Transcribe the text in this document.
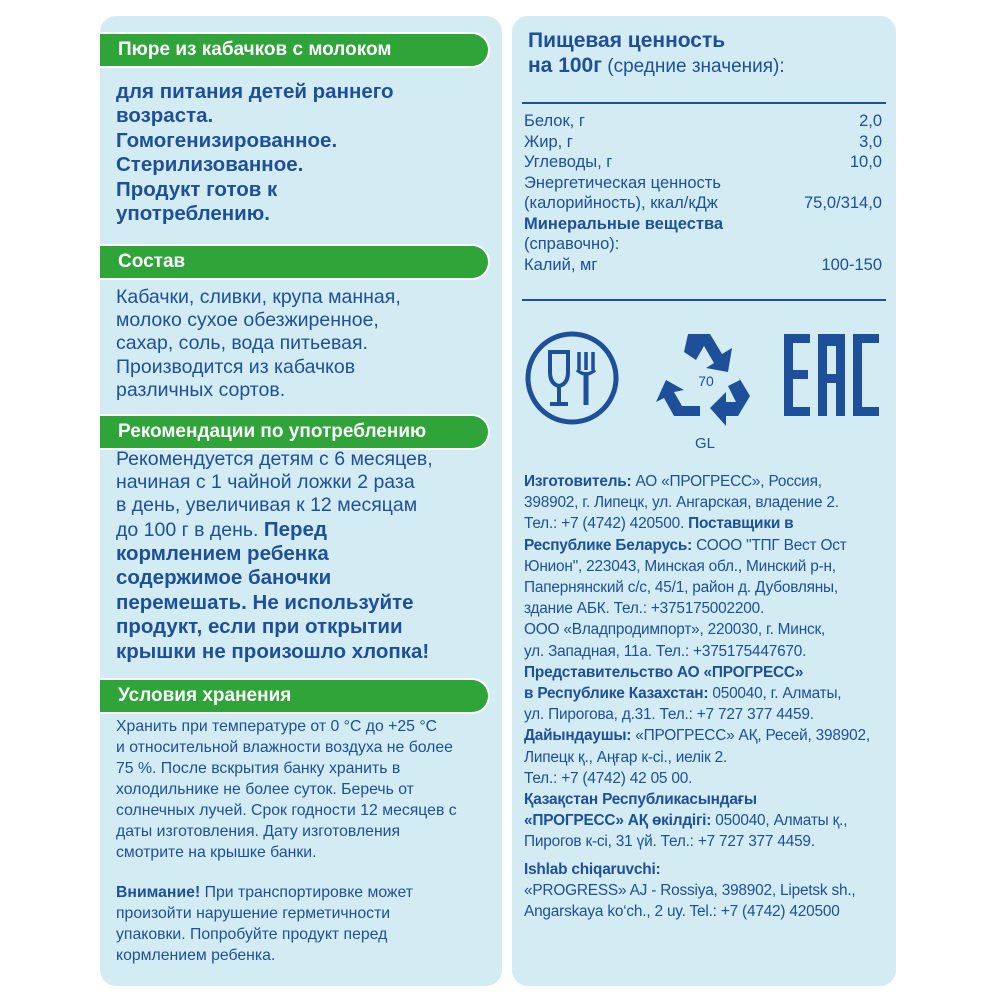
Пюре из кабачков с молоком
для питания детей раннего
возраста.
Гомогенизированное.
Стерилизованное.
Продукт готов к
употреблению.
Состав
Кабачки, сливки, крупа манная,
молоко сухое обезжиренное,
сахар, соль, вода питьевая.
Производится из кабачков
различных сортов.
Рекомендации по употреблению
Рекомендуется детям с 6 месяцев,
начиная с 1 чайной ложки 2 раза
в день, увеличивая к 12 месяцам
до 100 г в день. Перед
кормлением ребенка
содержимое баночки
перемешать. Не используйте
продукт, если при открытии
крышки не произошло хлопка!
Условия хранения
Хранить при температуре от 0 °С до +25 °С
и относительной влажности воздуха не более
75 %. После вскрытия банку хранить в
холодильнике не более суток. Беречь от
солнечных лучей. Срок годности 12 месяцев с
даты изготовления. Дату изготовления
смотрите на крышке банки.
Внимание! При транспортировке может
произойти нарушение герметичности
упаковки. Попробуйте продукт перед
кормлением ребенка.
Пищевая ценность
на 100г (средние значения):
Белок, г	2,0
Жир, г	3,0
Углеводы, г	10,0
Энергетическая ценность
(калорийность), ккал/кДж	75,0/314,0
Минеральные вещества
(справочно):
Калий, мг	100-150
70
GL
Изготовитель: АО «ПРОГРЕСС», Россия,
398902, г. Липецк, ул. Ангарская, владение 2.
Тел.: +7 (4742) 420500. Поставщики в
Республике Беларусь: СООО "ТПГ Вест Ост
Юнион", 223043, Минская обл., Минский р-н,
Папернянский с/с, 45/1, район д. Дубовляны,
здание АБК. Тел.: +375175002200.
ООО «Владпродимпорт», 220030, г. Минск,
ул. Западная, 11а. Тел.: +375175447670.
Представительство АО «ПРОГРЕСС»
в Республике Казахстан: 050040, г. Алматы,
ул. Пирогова, д.31. Тел.: +7 727 377 4459.
Дайындаушы: «ПРОГРЕСС» АҚ, Ресей, 398902,
Липецк қ., Аңғар к-сі., иелік 2.
Тел.: +7 (4742) 42 05 00.
Қазақстан Республикасындағы
«ПРОГРЕСС» АҚ өкілдігі: 050040, Алматы қ.,
Пирогов к-сі, 31 үй. Тел.: +7 727 377 4459.
Ishlab chiqaruvchi:
«PROGRESS» AJ - Rossiya, 398902, Lipetsk sh.,
Angarskaya ko‘ch., 2 uy. Tel.: +7 (4742) 420500
